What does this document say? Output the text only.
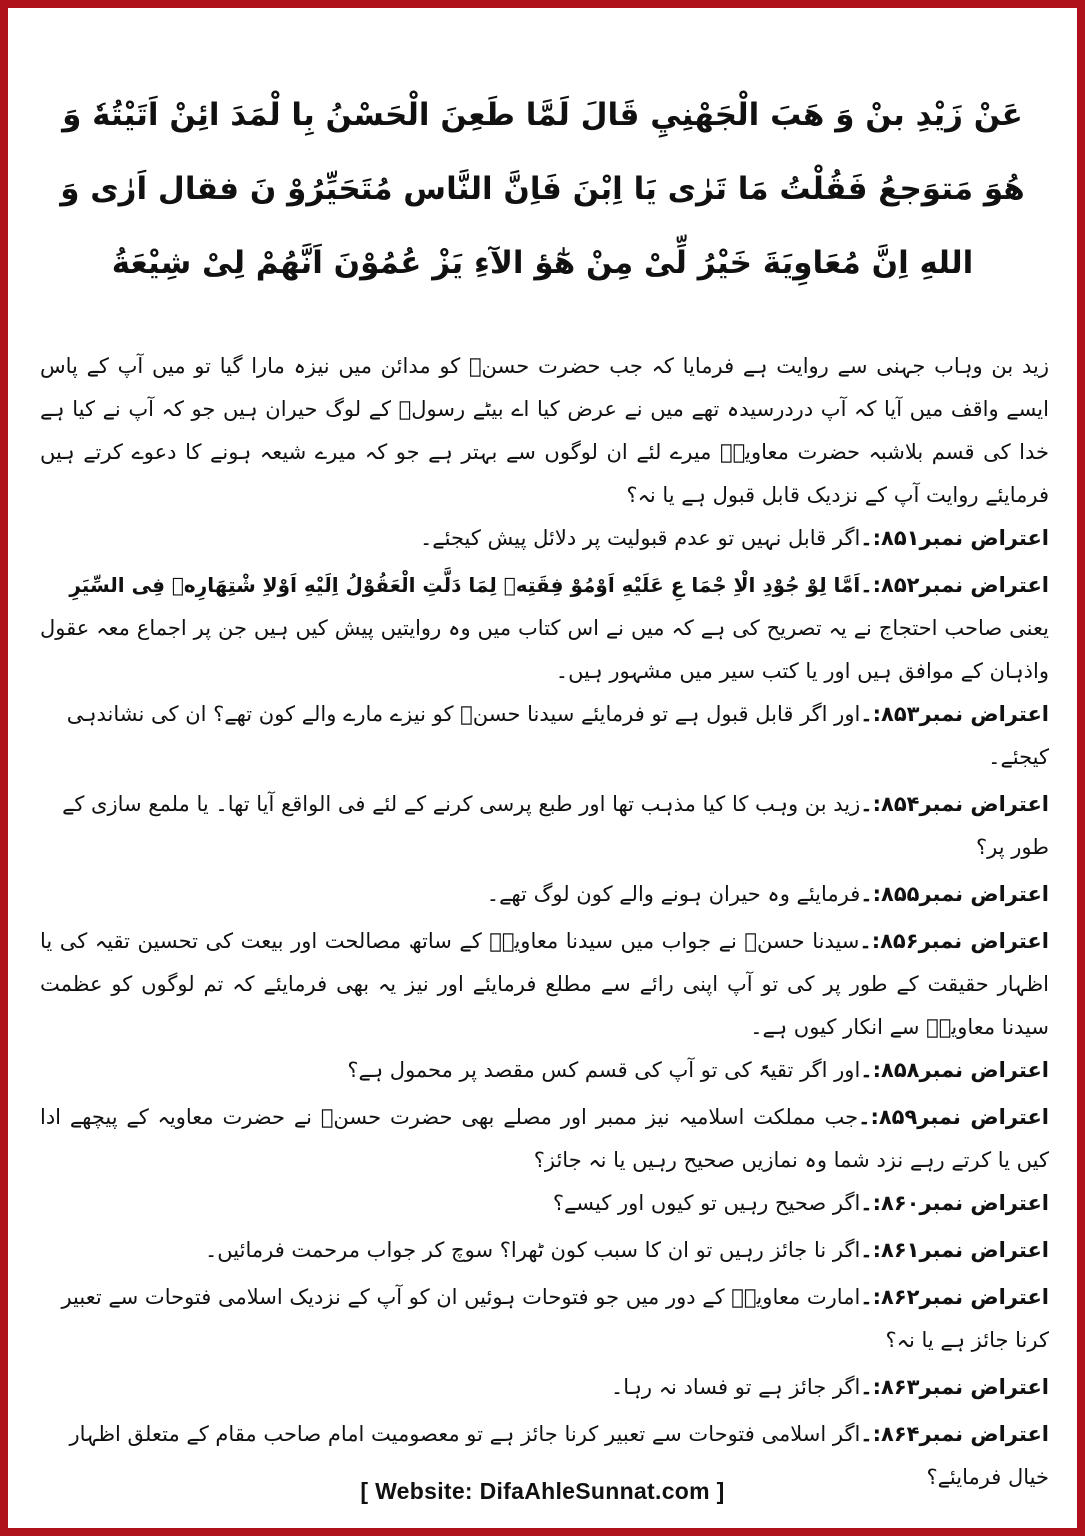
عَنْ زَيْدِ بنْ وَ هَبَ الْجَهْنِيِ قَالَ لَمَّا طَعِنَ الْحَسْنُ بِا لْمَدَ ائِنْ اَتَيْتُهٗ وَ هُوَ مَتوَجعُ فَقُلْتُ مَا تَرٰى يَا اِبْنَ فَاِنَّ النَّاس مُتَحَيِّرُوْ نَ فقال اَرٰى وَ اللهِ اِنَّ مُعَاوِيَةَ خَيْرُ لِّىْ مِنْ هٰٓؤ الآءِ يَزْ عُمُوْنَ اَنَّهُمْ لِیْ شِيْعَةُ

زید بن وہاب جہنی سے روایت ہے فرمایا کہ جب حضرت حسنؓ کو مدائن میں نیزہ مارا گیا تو میں آپ کے پاس ایسے واقف میں آیا کہ آپ دردرسیدہ تھے میں نے عرض کیا اے بیٹے رسولؐ کے لوگ حیران ہیں جو کہ آپ نے کیا ہے خدا کی قسم بلاشبہ حضرت معاویہؓ میرے لئے ان لوگوں سے بہتر ہے جو کہ میرے شیعہ ہونے کا دعوے کرتے ہیں فرمایئے روایت آپ کے نزدیک قابل قبول ہے یا نہ؟

اعتراض نمبر۸۵۱:۔اگر قابل نہیں تو عدم قبولیت پر دلائل پیش کیجئے۔

اعتراض نمبر۸۵۲:۔اَمَّا لِوْ جُوْدِ الْاِ جْمَا عِ عَلَيْهِ اَوْمُوْ فِقَتِهٖ لِمَا دَلَّتِ الْعَقُوْلُ اِلَيْهِ اَوْلاِ شْتِهَارِهٖ فِى السِّيَرِ

یعنی صاحب احتجاج نے یہ تصریح کی ہے کہ میں نے اس کتاب میں وہ روایتیں پیش کیں ہیں جن پر اجماع معہ عقول واذہان کے موافق ہیں اور یا کتب سیر میں مشہور ہیں۔

اعتراض نمبر۸۵۳:۔اور اگر قابل قبول ہے تو فرمایئے سیدنا حسنؓ کو نیزے مارے والے کون تھے؟ ان کی نشاندہی کیجئے۔

اعتراض نمبر۸۵۴:۔زید بن وہب کا کیا مذہب تھا اور طبع پرسی کرنے کے لئے فی الواقع آیا تھا۔ یا ملمع سازی کے طور پر؟

اعتراض نمبر۸۵۵:۔فرمایئے وہ حیران ہونے والے کون لوگ تھے۔

اعتراض نمبر۸۵۶:۔سیدنا حسنؓ نے جواب میں سیدنا معاویہؓ کے ساتھ مصالحت اور بیعت کی تحسین تقیہ کی یا اظہار حقیقت کے طور پر کی تو آپ اپنی رائے سے مطلع فرمایئے اور نیز یہ بھی فرمایئے کہ تم لوگوں کو عظمت سیدنا معاویہؓ سے انکار کیوں ہے۔

اعتراض نمبر۸۵۸:۔اور اگر تقیۃً کی تو آپ کی قسم کس مقصد پر محمول ہے؟

اعتراض نمبر۸۵۹:۔جب مملکت اسلامیہ نیز ممبر اور مصلے بھی حضرت حسنؓ نے حضرت معاویہ کے پیچھے ادا کیں یا کرتے رہے نزد شما وہ نمازیں صحیح رہیں یا نہ جائز؟

اعتراض نمبر۸۶۰:۔اگر صحیح رہیں تو کیوں اور کیسے؟

اعتراض نمبر۸۶۱:۔اگر نا جائز رہیں تو ان کا سبب کون ٹھرا؟ سوچ کر جواب مرحمت فرمائیں۔

اعتراض نمبر۸۶۲:۔امارت معاویہؓ کے دور میں جو فتوحات ہوئیں ان کو آپ کے نزدیک اسلامی فتوحات سے تعبیر کرنا جائز ہے یا نہ؟

اعتراض نمبر۸۶۳:۔اگر جائز ہے تو فساد نہ رہا۔

اعتراض نمبر۸۶۴:۔اگر اسلامی فتوحات سے تعبیر کرنا جائز ہے تو معصومیت امام صاحب مقام کے متعلق اظہار خیال فرمایئے؟

[ Website: DifaAhleSunnat.com ]
